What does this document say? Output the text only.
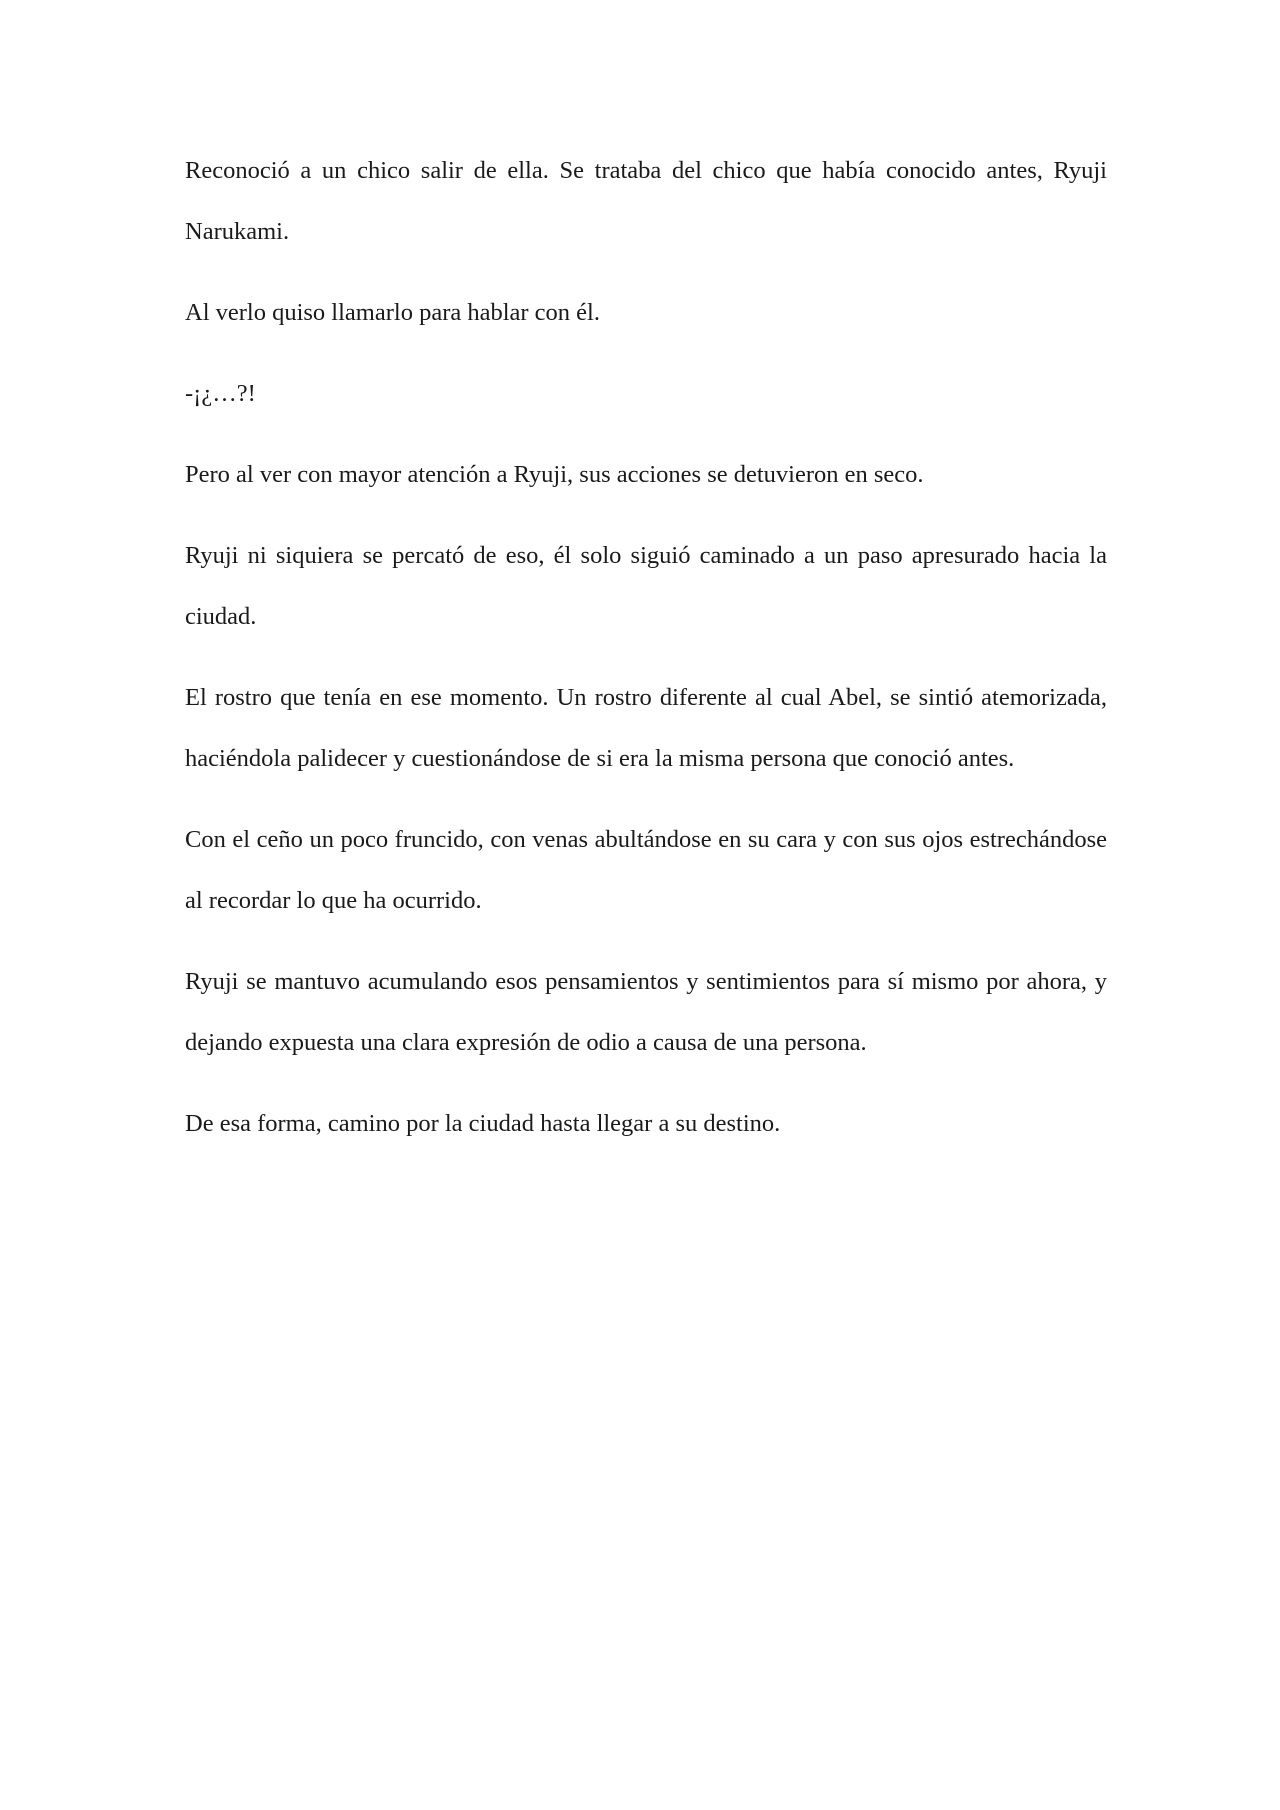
Reconoció a un chico salir de ella. Se trataba del chico que había conocido antes, Ryuji Narukami.

Al verlo quiso llamarlo para hablar con él.

-¡¿…?!

Pero al ver con mayor atención a Ryuji, sus acciones se detuvieron en seco.

Ryuji ni siquiera se percató de eso, él solo siguió caminado a un paso apresurado hacia la ciudad.

El rostro que tenía en ese momento. Un rostro diferente al cual Abel, se sintió atemorizada, haciéndola palidecer y cuestionándose de si era la misma persona que conoció antes.

Con el ceño un poco fruncido, con venas abultándose en su cara y con sus ojos estrechándose al recordar lo que ha ocurrido.

Ryuji se mantuvo acumulando esos pensamientos y sentimientos para sí mismo por ahora, y dejando expuesta una clara expresión de odio a causa de una persona.

De esa forma, camino por la ciudad hasta llegar a su destino.
